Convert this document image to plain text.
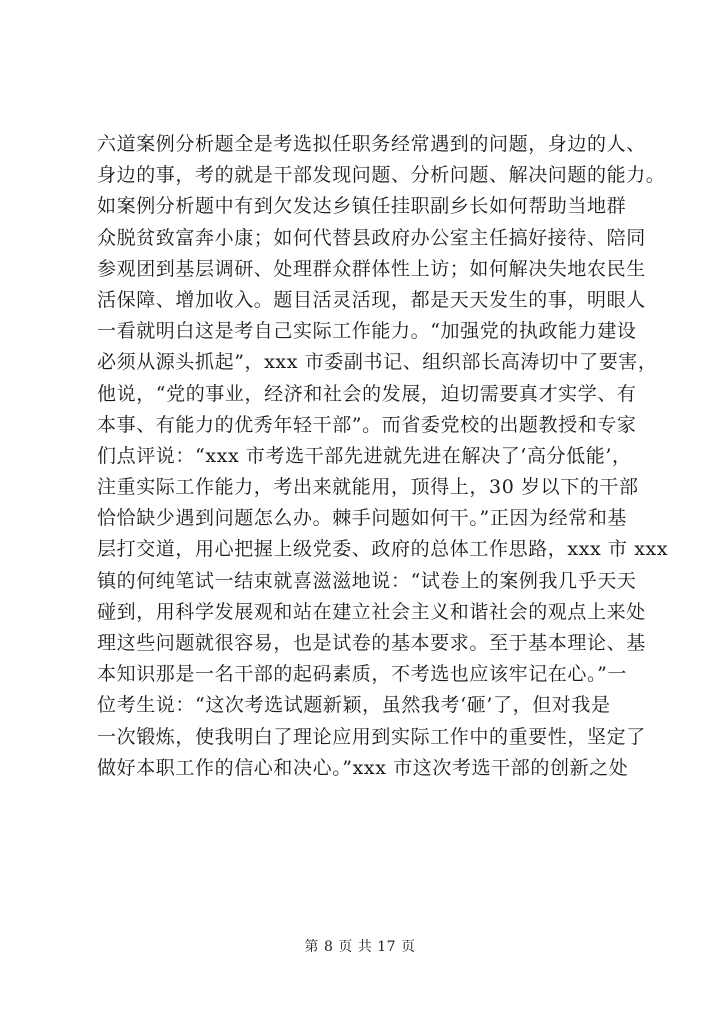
六道案例分析题全是考选拟任职务经常遇到的问题，身边的人、
身边的事，考的就是干部发现问题、分析问题、解决问题的能力。
如案例分析题中有到欠发达乡镇任挂职副乡长如何帮助当地群
众脱贫致富奔小康；如何代替县政府办公室主任搞好接待、陪同
参观团到基层调研、处理群众群体性上访；如何解决失地农民生
活保障、增加收入。题目活灵活现，都是天天发生的事，明眼人
一看就明白这是考自己实际工作能力。“加强党的执政能力建设
必须从源头抓起”，xxx 市委副书记、组织部长高涛切中了要害，
他说，“党的事业，经济和社会的发展，迫切需要真才实学、有
本事、有能力的优秀年轻干部”。而省委党校的出题教授和专家
们点评说：“xxx 市考选干部先进就先进在解决了‘高分低能’，
注重实际工作能力，考出来就能用，顶得上，30 岁以下的干部
恰恰缺少遇到问题怎么办。棘手问题如何干。”正因为经常和基
层打交道，用心把握上级党委、政府的总体工作思路，xxx 市 xxx
镇的何纯笔试一结束就喜滋滋地说：“试卷上的案例我几乎天天
碰到，用科学发展观和站在建立社会主义和谐社会的观点上来处
理这些问题就很容易，也是试卷的基本要求。至于基本理论、基
本知识那是一名干部的起码素质，不考选也应该牢记在心。”一
位考生说：“这次考选试题新颖，虽然我考‘砸’了，但对我是
一次锻炼，使我明白了理论应用到实际工作中的重要性，坚定了
做好本职工作的信心和决心。”xxx 市这次考选干部的创新之处
第 8 页 共 17 页
